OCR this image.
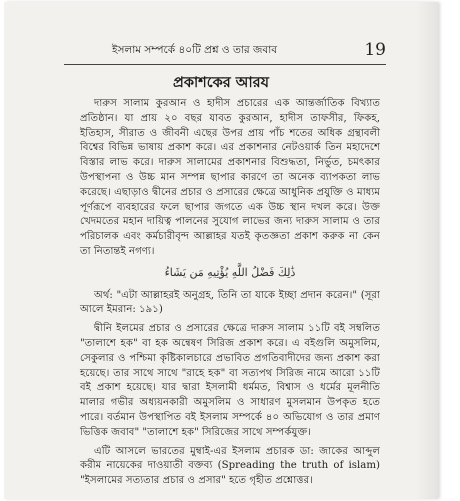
ইসলাম সম্পর্কে ৪০টি প্রশ্ন ও তার জবাব	19
প্রকাশকের আরয

দারুস সালাম কুরআন ও হাদীস প্রচারের এক আন্তর্জাতিক বিখ্যাত প্রতিষ্ঠান। যা প্রায় ২০ বছর যাবত কুরআন, হাদীস তাফসীর, ফিকহ, ইতিহাস, সীরাত ও জীবনী এছের উপর প্রায় পাঁচ শতের অধিক গ্রন্থাবলী বিশ্বের বিভিন্ন ভাষায় প্রকাশ করে। এর প্রকাশনার নেটওয়ার্ক তিন মহাদেশে বিস্তার লাভ করে। দারুস সালামের প্রকাশনার বিশুদ্ধতা, নির্ভুত, চমৎকার উপস্থাপনা ও উচ্চ মান সম্পন্ন ছাপার কারণে তা অনেক ব্যাপকতা লাভ করেছে। এছাড়াও দ্বীনের প্রচার ও প্রসারের ক্ষেত্রে আধুনিক প্রযুক্তি ও মাধ্যম পূর্ণরূপে ব্যবহারের ফলে ছাপার জগতে এক উচ্চ স্থান দখল করে। উক্ত খেদমতের মহান দায়িত্ব পালনের সুযোগ লাভের জন্য দারুস সালাম ও তার পরিচালক এবং কর্মচারীবৃন্দ আল্লাহর যতই কৃতজ্ঞতা প্রকাশ করুক না কেন তা নিতান্তই নগণ্য।

ذَٰلِكَ فَضْلُ اللَّهِ يُؤْتِيهِ مَن يَشَاءُ

অর্থ: "এটা আল্লাহরই অনুগ্রহ, তিনি তা যাকে ইচ্ছা প্রদান করেন।" (সূরা আলে ইমরান: ১৯১)

দ্বীনি ইলমের প্রচার ও প্রসারের ক্ষেত্রে দারুস সালাম ১১টি বই সম্বলিত "তালাশে হক" বা হক অন্বেষণ সিরিজ প্রকাশ করে। এ বইগুলি অমুসলিম, সেকুলার ও পশ্চিমা কৃষ্টিকালচারে প্রভাবিত প্রগতিবাদীদের জন্য প্রকাশ করা হয়েছে। তার সাথে সাথে "রাহে হক" বা সত্যপথ সিরিজ নামে আরো ১১টি বই প্রকাশ হয়েছে। যার দ্বারা ইসলামী ধর্মমত, বিশ্বাস ও ধর্মের মূলনীতি মালার গভীর অধ্যয়নকারী অমুসলিম ও সাধারণ মুসলমান উপকৃত হতে পারে। বর্তমান উপস্থাপিত বই ইসলাম সম্পর্কে ৪০ অভিযোগ ও তার প্রমাণ ভিত্তিক জবাব" "তালাশে হক" সিরিজের সাথে সম্পর্কযুক্ত।

এটি আসলে ভারতের মুম্বাই-এর ইসলাম প্রচারক ডা: জাকের আব্দুল করীম নায়েকের দাওয়াতী বক্তব্য (Spreading the truth of islam) "ইসলামের সত্যতার প্রচার ও প্রসার" হতে গৃহীত প্রশ্নোত্তর।
